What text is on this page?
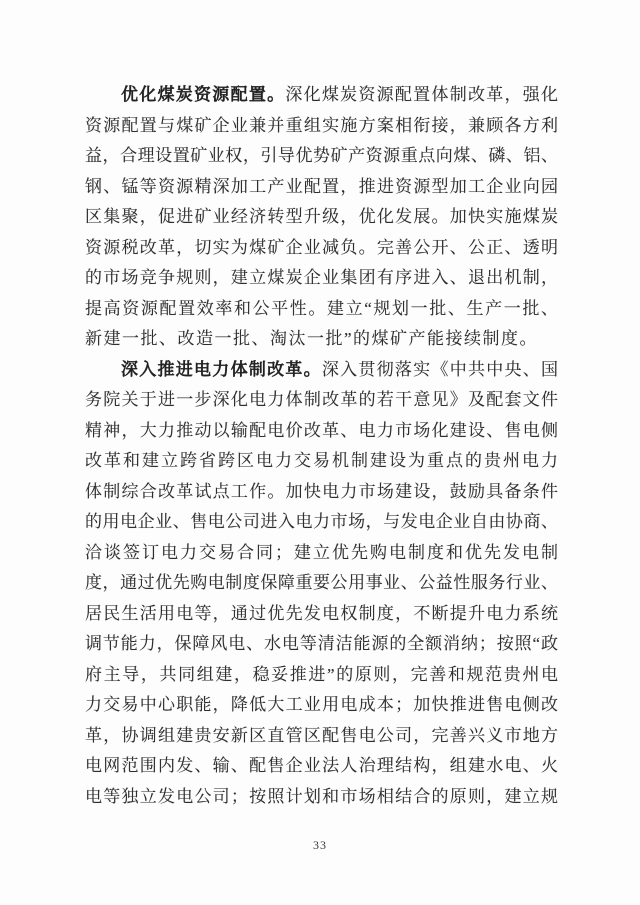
优化煤炭资源配置。深化煤炭资源配置体制改革，强化
资源配置与煤矿企业兼并重组实施方案相衔接，兼顾各方利
益，合理设置矿业权，引导优势矿产资源重点向煤、磷、铝、
钢、锰等资源精深加工产业配置，推进资源型加工企业向园
区集聚，促进矿业经济转型升级，优化发展。加快实施煤炭
资源税改革，切实为煤矿企业减负。完善公开、公正、透明
的市场竞争规则，建立煤炭企业集团有序进入、退出机制，
提高资源配置效率和公平性。建立“规划一批、生产一批、
新建一批、改造一批、淘汰一批”的煤矿产能接续制度。
深入推进电力体制改革。深入贯彻落实《中共中央、国
务院关于进一步深化电力体制改革的若干意见》及配套文件
精神，大力推动以输配电价改革、电力市场化建设、售电侧
改革和建立跨省跨区电力交易机制建设为重点的贵州电力
体制综合改革试点工作。加快电力市场建设，鼓励具备条件
的用电企业、售电公司进入电力市场，与发电企业自由协商、
洽谈签订电力交易合同；建立优先购电制度和优先发电制
度，通过优先购电制度保障重要公用事业、公益性服务行业、
居民生活用电等，通过优先发电权制度，不断提升电力系统
调节能力，保障风电、水电等清洁能源的全额消纳；按照“政
府主导，共同组建，稳妥推进”的原则，完善和规范贵州电
力交易中心职能，降低大工业用电成本；加快推进售电侧改
革，协调组建贵安新区直管区配售电公司，完善兴义市地方
电网范围内发、输、配售企业法人治理结构，组建水电、火
电等独立发电公司；按照计划和市场相结合的原则，建立规
33
